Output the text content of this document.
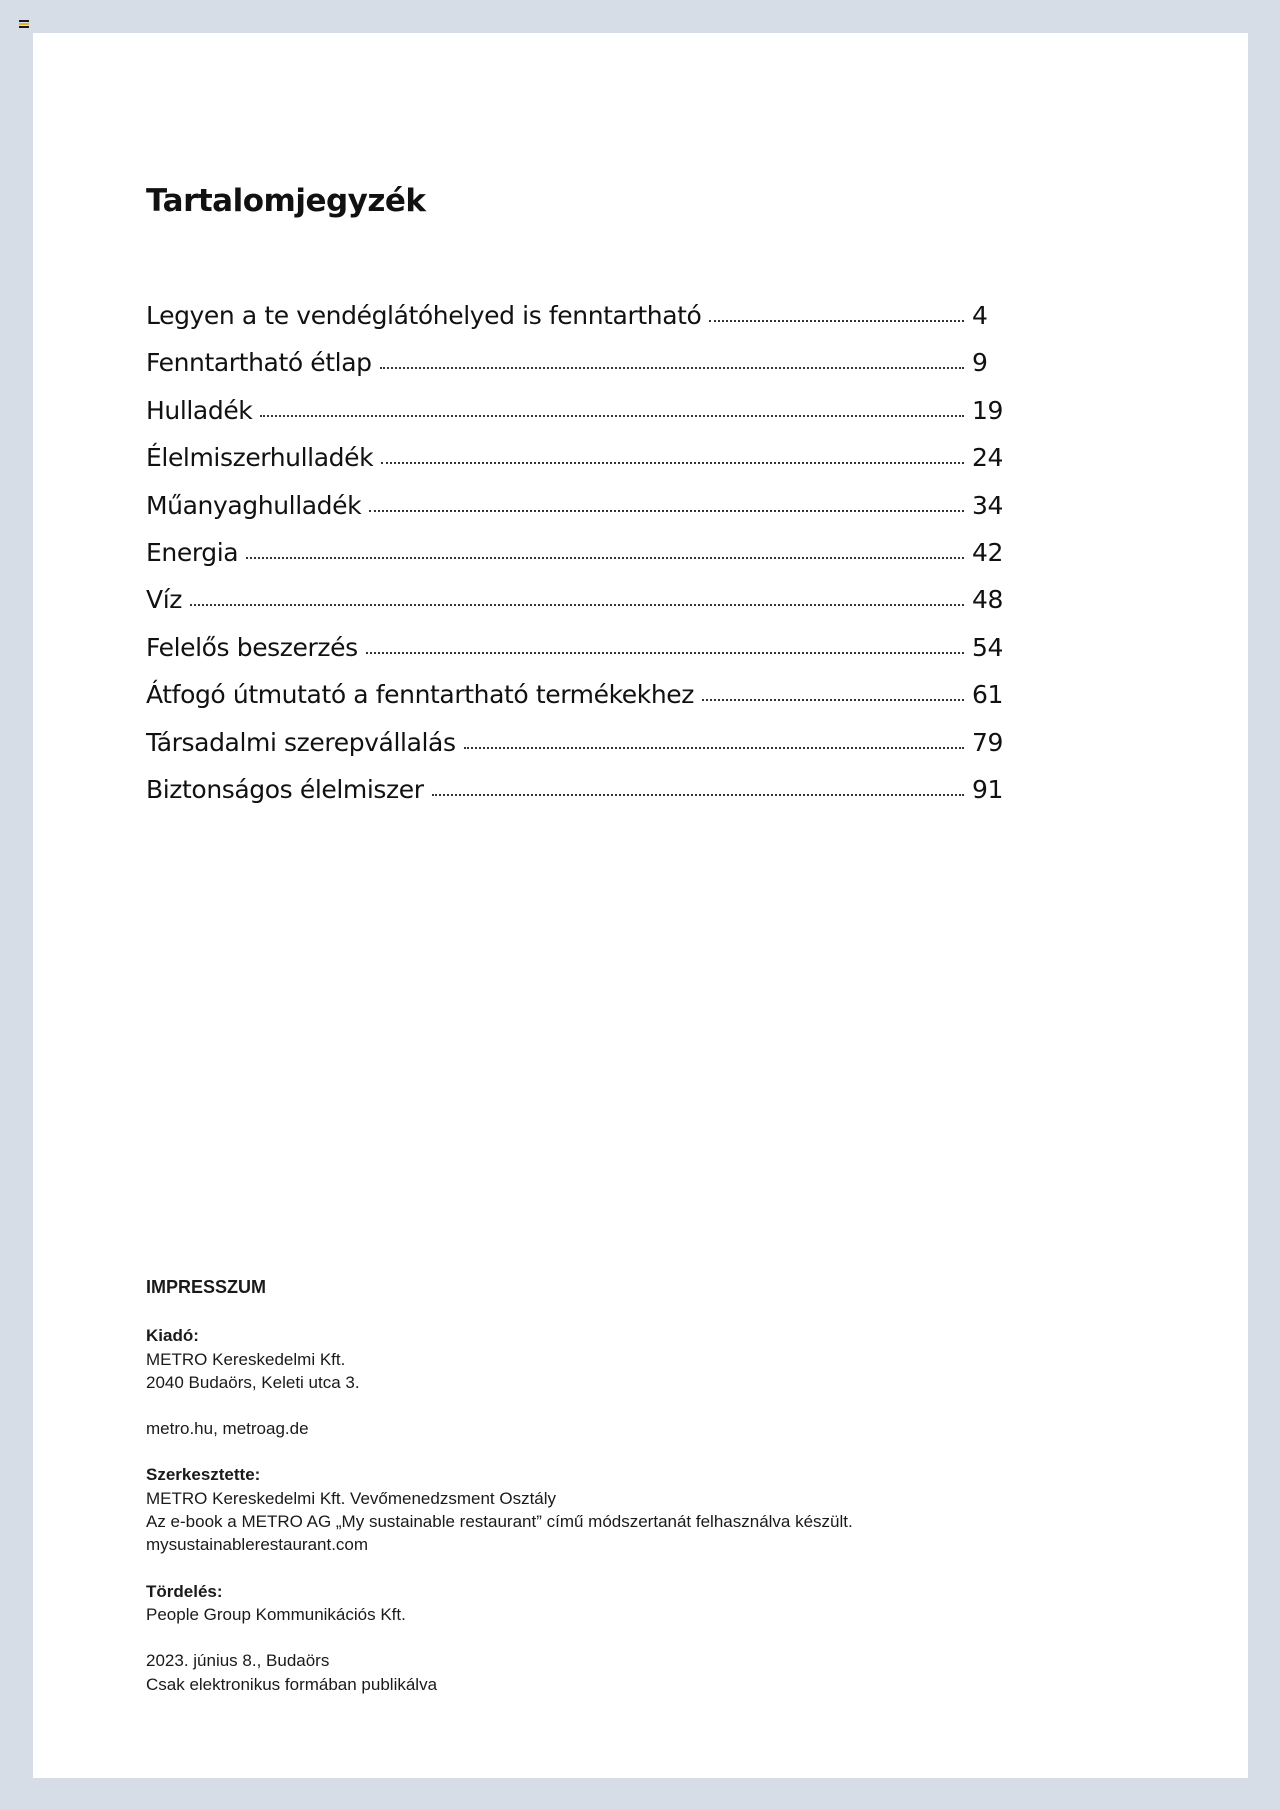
Tartalomjegyzék
Legyen a te vendéglátóhelyed is fenntartható	4
Fenntartható étlap	9
Hulladék	19
Élelmiszerhulladék	24
Műanyaghulladék	34
Energia	42
Víz	48
Felelős beszerzés	54
Átfogó útmutató a fenntartható termékekhez	61
Társadalmi szerepvállalás	79
Biztonságos élelmiszer	91
IMPRESSZUM
Kiadó:
METRO Kereskedelmi Kft.
2040 Budaörs, Keleti utca 3.
metro.hu, metroag.de
Szerkesztette:
METRO Kereskedelmi Kft. Vevőmenedzsment Osztály
Az e-book a METRO AG „My sustainable restaurant” című módszertanát felhasználva készült.
mysustainablerestaurant.com
Tördelés:
People Group Kommunikációs Kft.
2023. június 8., Budaörs
Csak elektronikus formában publikálva
